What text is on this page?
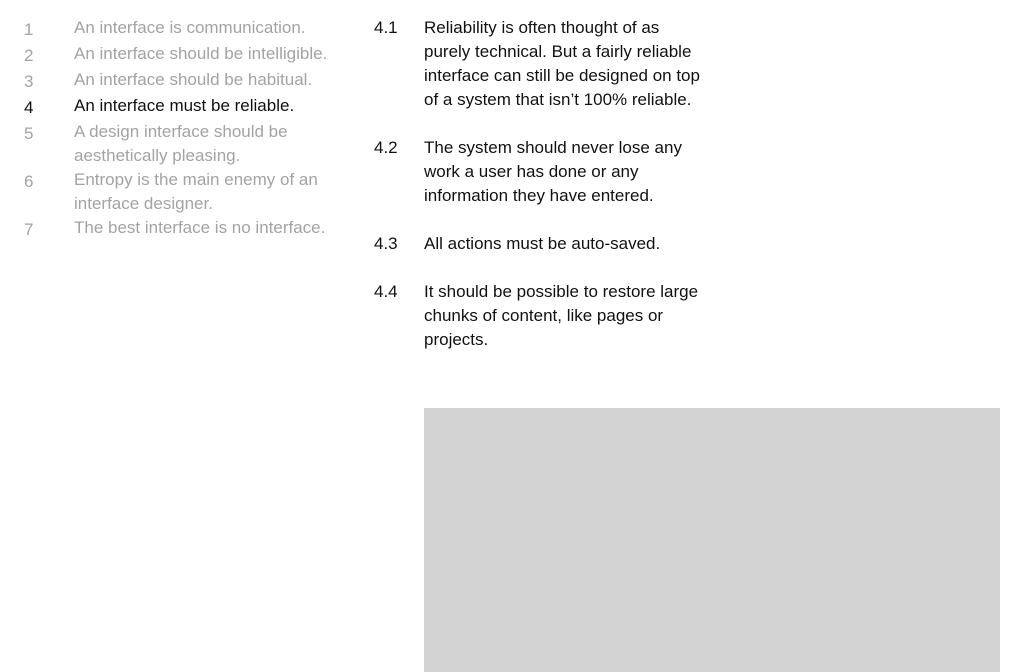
1	An interface is communication.
2	An interface should be intelligible.
3	An interface should be habitual.
4	An interface must be reliable.
5	A design interface should be aesthetically pleasing.
6	Entropy is the main enemy of an interface designer.
7	The best interface is no interface.
4.1	Reliability is often thought of as purely technical. But a fairly reliable interface can still be designed on top of a system that isn’t 100% reliable.
4.2	The system should never lose any work a user has done or any information they have entered.
4.3	All actions must be auto-saved.
4.4	It should be possible to restore large chunks of content, like pages or projects.
